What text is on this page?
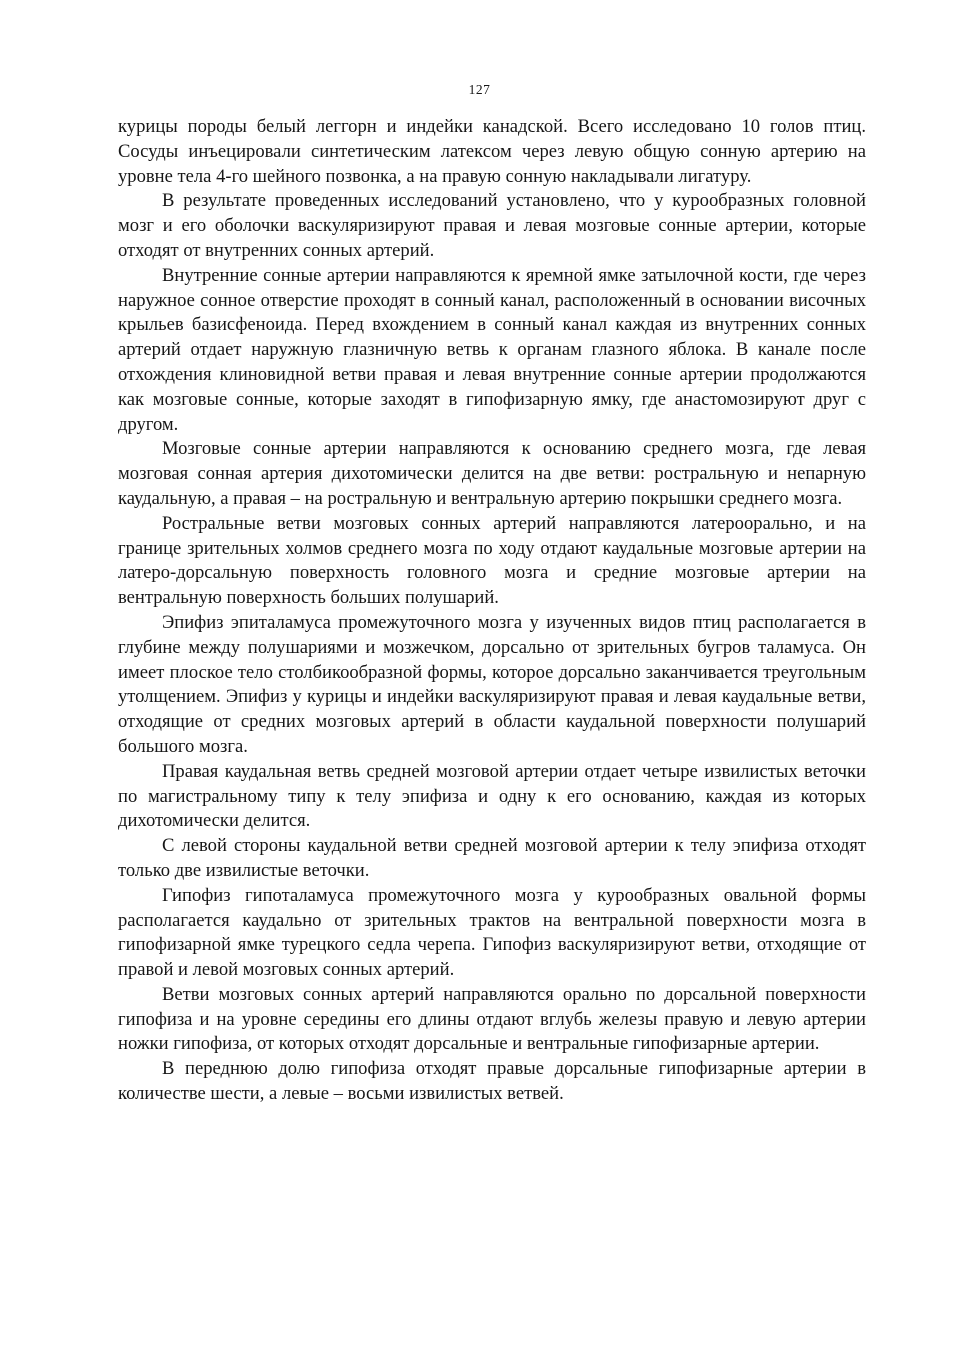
127

курицы породы белый леггорн и индейки канадской. Всего исследовано 10 голов птиц. Сосуды инъецировали синтетическим латексом через левую общую сонную артерию на уровне тела 4-го шейного позвонка, а на правую сонную накладывали лигатуру.

В результате проведенных исследований установлено, что у курообразных головной мозг и его оболочки васкуляризируют правая и левая мозговые сонные артерии, которые отходят от внутренних сонных артерий.

Внутренние сонные артерии направляются к яремной ямке затылочной кости, где через наружное сонное отверстие проходят в сонный канал, расположенный в основании височных крыльев базисфеноида. Перед вхождением в сонный канал каждая из внутренних сонных артерий отдает наружную глазничную ветвь к органам глазного яблока. В канале после отхождения клиновидной ветви правая и левая внутренние сонные артерии продолжаются как мозговые сонные, которые заходят в гипофизарную ямку, где анастомозируют друг с другом.

Мозговые сонные артерии направляются к основанию среднего мозга, где левая мозговая сонная артерия дихотомически делится на две ветви: ростральную и непарную каудальную, а правая – на ростральную и вентральную артерию покрышки среднего мозга.

Ростральные ветви мозговых сонных артерий направляются латероорально, и на границе зрительных холмов среднего мозга по ходу отдают каудальные мозговые артерии на латеро-дорсальную поверхность головного мозга и средние мозговые артерии на вентральную поверхность больших полушарий.

Эпифиз эпиталамуса промежуточного мозга у изученных видов птиц располагается в глубине между полушариями и мозжечком, дорсально от зрительных бугров таламуса. Он имеет плоское тело столбикообразной формы, которое дорсально заканчивается треугольным утолщением. Эпифиз у курицы и индейки васкуляризируют правая и левая каудальные ветви, отходящие от средних мозговых артерий в области каудальной поверхности полушарий большого мозга.

Правая каудальная ветвь средней мозговой артерии отдает четыре извилистых веточки по магистральному типу к телу эпифиза и одну к его основанию, каждая из которых дихотомически делится.

С левой стороны каудальной ветви средней мозговой артерии к телу эпифиза отходят только две извилистые веточки.

Гипофиз гипоталамуса промежуточного мозга у курообразных овальной формы располагается каудально от зрительных трактов на вентральной поверхности мозга в гипофизарной ямке турецкого седла черепа. Гипофиз васкуляризируют ветви, отходящие от правой и левой мозговых сонных артерий.

Ветви мозговых сонных артерий направляются орально по дорсальной поверхности гипофиза и на уровне середины его длины отдают вглубь железы правую и левую артерии ножки гипофиза, от которых отходят дорсальные и вентральные гипофизарные артерии.

В переднюю долю гипофиза отходят правые дорсальные гипофизарные артерии в количестве шести, а левые – восьми извилистых ветвей.
